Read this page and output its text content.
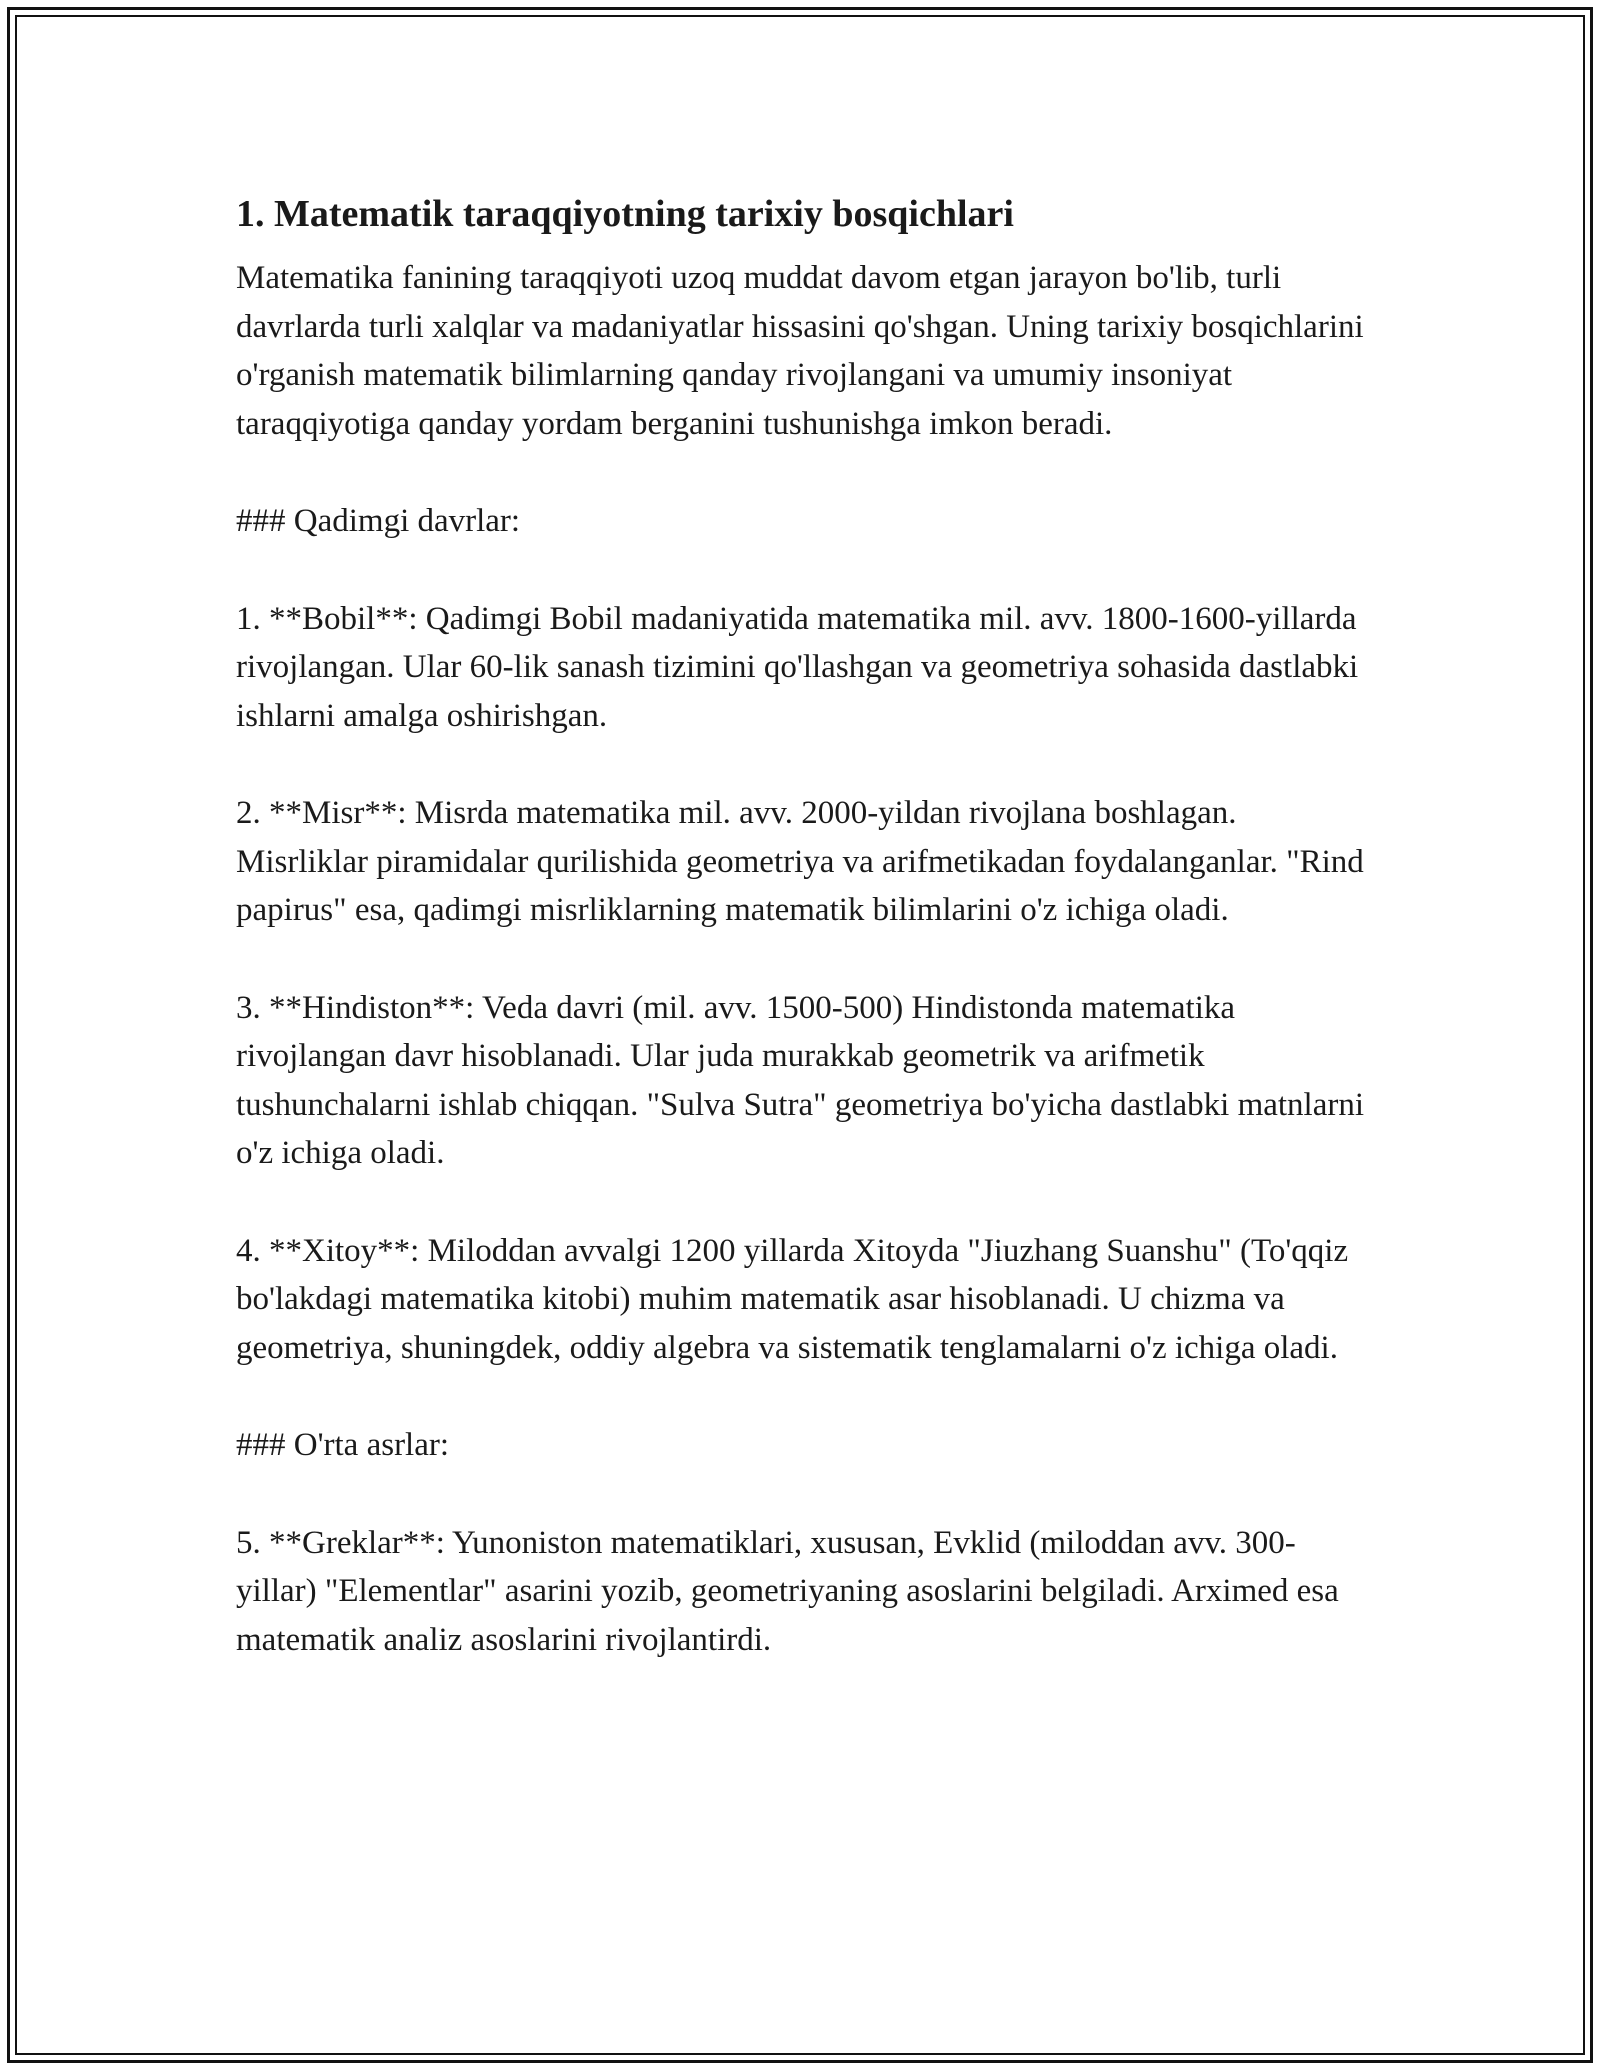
1. Matematik taraqqiyotning tarixiy bosqichlari

Matematika fanining taraqqiyoti uzoq muddat davom etgan jarayon bo'lib, turli davrlarda turli xalqlar va madaniyatlar hissasini qo'shgan. Uning tarixiy bosqichlarini o'rganish matematik bilimlarning qanday rivojlangani va umumiy insoniyat taraqqiyotiga qanday yordam berganini tushunishga imkon beradi.

### Qadimgi davrlar:

1. **Bobil**: Qadimgi Bobil madaniyatida matematika mil. avv. 1800-1600-yillarda rivojlangan. Ular 60-lik sanash tizimini qo'llashgan va geometriya sohasida dastlabki ishlarni amalga oshirishgan.

2. **Misr**: Misrda matematika mil. avv. 2000-yildan rivojlana boshlagan. Misrliklar piramidalar qurilishida geometriya va arifmetikadan foydalanganlar. "Rind papirus" esa, qadimgi misrliklarning matematik bilimlarini o'z ichiga oladi.

3. **Hindiston**: Veda davri (mil. avv. 1500-500) Hindistonda matematika rivojlangan davr hisoblanadi. Ular juda murakkab geometrik va arifmetik tushunchalarni ishlab chiqqan. "Sulva Sutra" geometriya bo'yicha dastlabki matnlarni o'z ichiga oladi.

4. **Xitoy**: Miloddan avvalgi 1200 yillarda Xitoyda "Jiuzhang Suanshu" (To'qqiz bo'lakdagi matematika kitobi) muhim matematik asar hisoblanadi. U chizma va geometriya, shuningdek, oddiy algebra va sistematik tenglamalarni o'z ichiga oladi.

### O'rta asrlar:

5. **Greklar**: Yunoniston matematiklari, xususan, Evklid (miloddan avv. 300-yillar) "Elementlar" asarini yozib, geometriyaning asoslarini belgiladi. Arximed esa matematik analiz asoslarini rivojlantirdi.
